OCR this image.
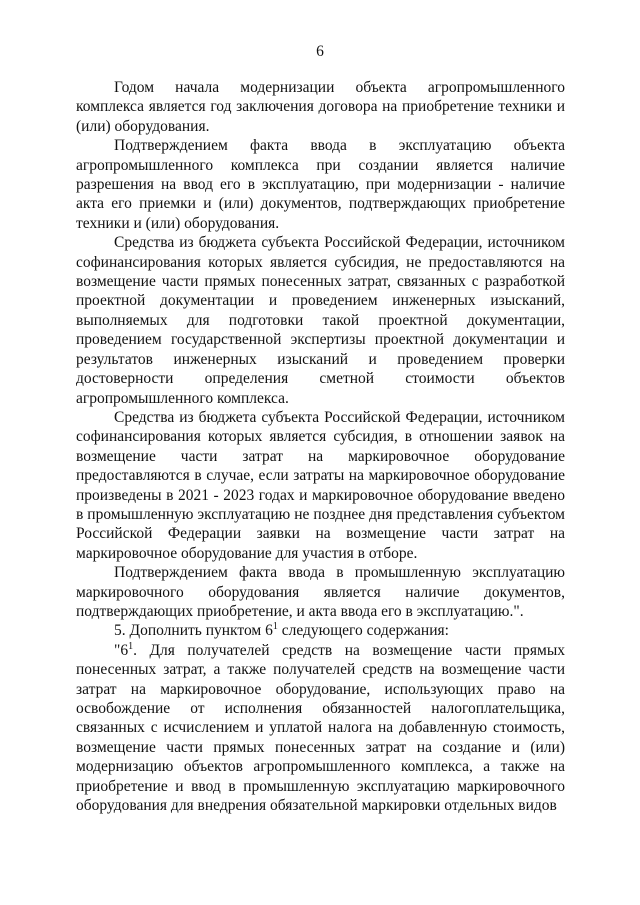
6

Годом начала модернизации объекта агропромышленного комплекса является год заключения договора на приобретение техники и (или) оборудования.

Подтверждением факта ввода в эксплуатацию объекта агропромышленного комплекса при создании является наличие разрешения на ввод его в эксплуатацию, при модернизации - наличие акта его приемки и (или) документов, подтверждающих приобретение техники и (или) оборудования.

Средства из бюджета субъекта Российской Федерации, источником софинансирования которых является субсидия, не предоставляются на возмещение части прямых понесенных затрат, связанных с разработкой проектной документации и проведением инженерных изысканий, выполняемых для подготовки такой проектной документации, проведением государственной экспертизы проектной документации и результатов инженерных изысканий и проведением проверки достоверности определения сметной стоимости объектов агропромышленного комплекса.

Средства из бюджета субъекта Российской Федерации, источником софинансирования которых является субсидия, в отношении заявок на возмещение части затрат на маркировочное оборудование предоставляются в случае, если затраты на маркировочное оборудование произведены в 2021 - 2023 годах и маркировочное оборудование введено в промышленную эксплуатацию не позднее дня представления субъектом Российской Федерации заявки на возмещение части затрат на маркировочное оборудование для участия в отборе.

Подтверждением факта ввода в промышленную эксплуатацию маркировочного оборудования является наличие документов, подтверждающих приобретение, и акта ввода его в эксплуатацию.".

5. Дополнить пунктом $6^1$ следующего содержания:

"$6^1$. Для получателей средств на возмещение части прямых понесенных затрат, а также получателей средств на возмещение части затрат на маркировочное оборудование, использующих право на освобождение от исполнения обязанностей налогоплательщика, связанных с исчислением и уплатой налога на добавленную стоимость, возмещение части прямых понесенных затрат на создание и (или) модернизацию объектов агропромышленного комплекса, а также на приобретение и ввод в промышленную эксплуатацию маркировочного оборудования для внедрения обязательной маркировки отдельных видов
